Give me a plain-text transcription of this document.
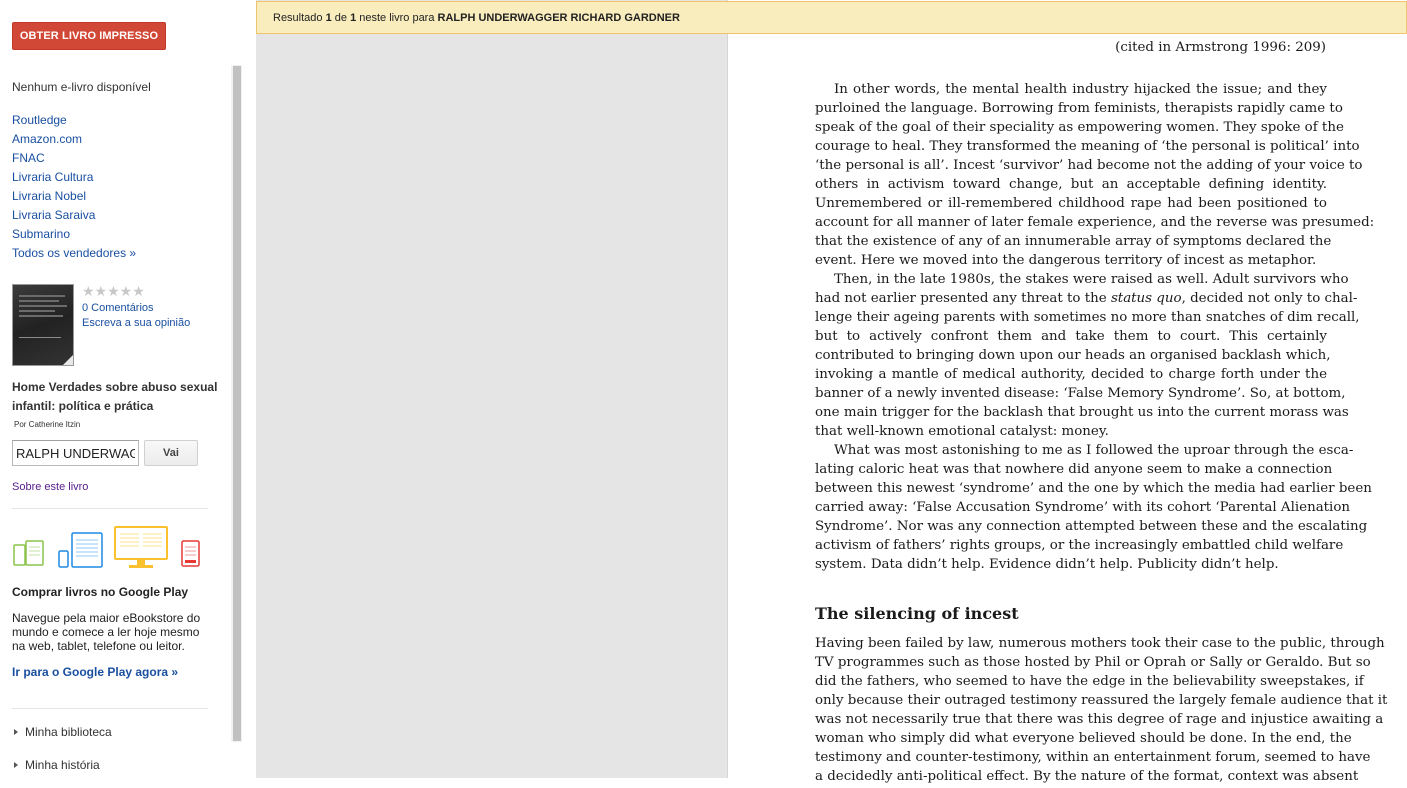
OBTER LIVRO IMPRESSO
Nenhum e-livro disponível
Routledge
Amazon.com
FNAC
Livraria Cultura
Livraria Nobel
Livraria Saraiva
Submarino
Todos os vendedores »
★★★★★
0 Comentários
Escreva a sua opinião
Home Verdades sobre abuso sexual infantil: política e prática
Por Catherine Itzin
RALPH UNDERWAGGER RICHARD GARDNER
Vai
Sobre este livro
Comprar livros no Google Play
Navegue pela maior eBookstore do mundo e comece a ler hoje mesmo na web, tablet, telefone ou leitor.
Ir para o Google Play agora »
Minha biblioteca
Minha história
(cited in Armstrong 1996: 209)
In other words, the mental health industry hijacked the issue; and they
purloined the language. Borrowing from feminists, therapists rapidly came to
speak of the goal of their speciality as empowering women. They spoke of the
courage to heal. They transformed the meaning of ‘the personal is political’ into
‘the personal is all’. Incest ‘survivor’ had become not the adding of your voice to
others in activism toward change, but an acceptable defining identity.
Unremembered or ill-remembered childhood rape had been positioned to
account for all manner of later female experience, and the reverse was presumed:
that the existence of any of an innumerable array of symptoms declared the
event. Here we moved into the dangerous territory of incest as metaphor.
Then, in the late 1980s, the stakes were raised as well. Adult survivors who
had not earlier presented any threat to the status quo, decided not only to chal-
lenge their ageing parents with sometimes no more than snatches of dim recall,
but to actively confront them and take them to court. This certainly
contributed to bringing down upon our heads an organised backlash which,
invoking a mantle of medical authority, decided to charge forth under the
banner of a newly invented disease: ‘False Memory Syndrome’. So, at bottom,
one main trigger for the backlash that brought us into the current morass was
that well-known emotional catalyst: money.
What was most astonishing to me as I followed the uproar through the esca-
lating caloric heat was that nowhere did anyone seem to make a connection
between this newest ‘syndrome’ and the one by which the media had earlier been
carried away: ‘False Accusation Syndrome’ with its cohort ‘Parental Alienation
Syndrome’. Nor was any connection attempted between these and the escalating
activism of fathers’ rights groups, or the increasingly embattled child welfare
system. Data didn’t help. Evidence didn’t help. Publicity didn’t help.
The silencing of incest
Having been failed by law, numerous mothers took their case to the public, through
TV programmes such as those hosted by Phil or Oprah or Sally or Geraldo. But so
did the fathers, who seemed to have the edge in the believability sweepstakes, if
only because their outraged testimony reassured the largely female audience that it
was not necessarily true that there was this degree of rage and injustice awaiting a
woman who simply did what everyone believed should be done. In the end, the
testimony and counter-testimony, within an entertainment forum, seemed to have
a decidedly anti-political effect. By the nature of the format, context was absent
Resultado 1 de 1 neste livro para RALPH UNDERWAGGER RICHARD GARDNER
